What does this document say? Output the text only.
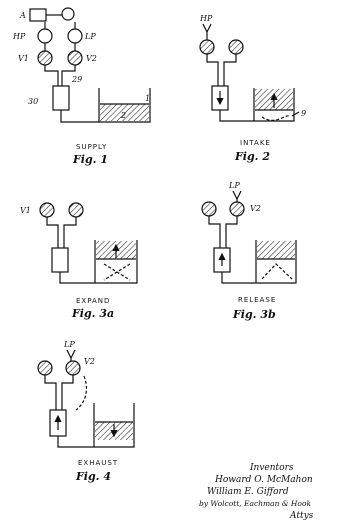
A
HP	LP
V1	V2
29
30	1
2
SUPPLY
Fig. 1
HP
9
INTAKE
Fig. 2
V1
EXPAND
Fig. 3a
LP
V2
RELEASE
Fig. 3b
LP
V2
EXHAUST
Fig. 4
Inventors
Howard O. McMahon
William E. Gifford
by Wolcott, Eachman & Hook
Attys
